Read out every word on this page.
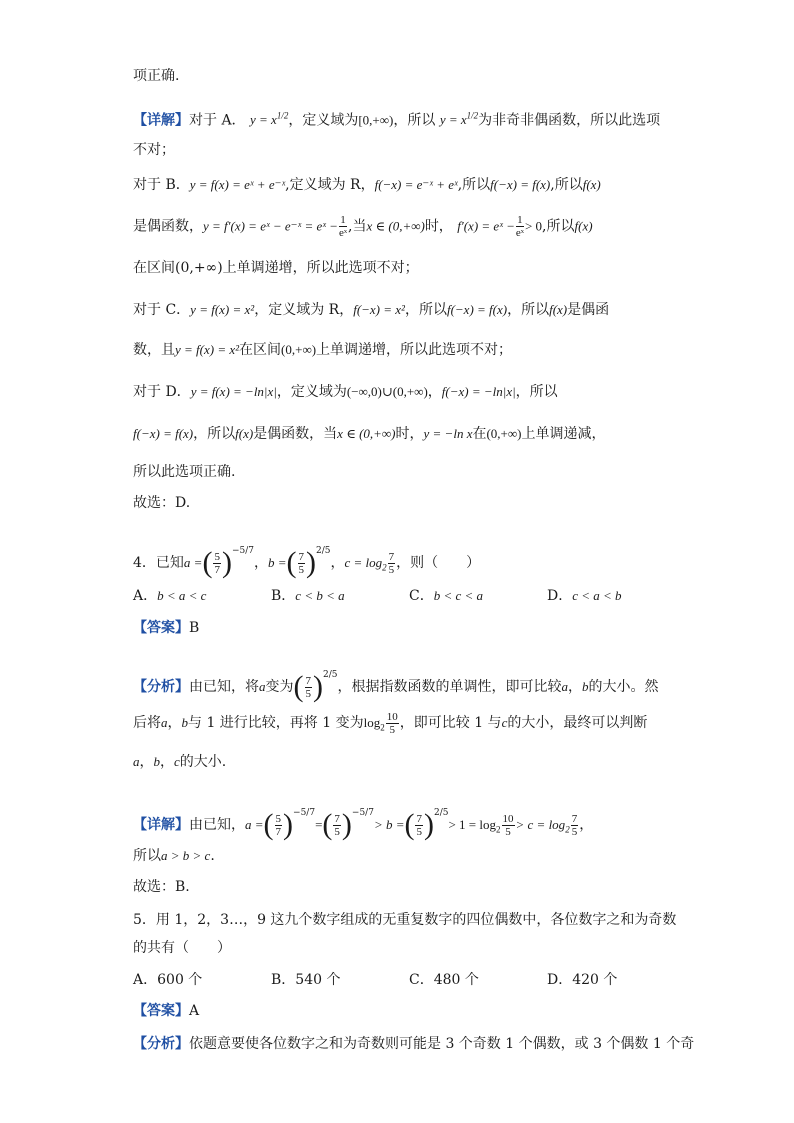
项正确.
【详解】对于 A． $y = x^{1/2}$，定义域为[0,+∞)，所以 $y = x^{1/2}$为非奇非偶函数，所以此选项
不对；
对于 B．y = f(x) = eˣ + e⁻ˣ,定义域为 R，f(−x) = e⁻ˣ + eˣ,所以f(−x) = f(x),所以f(x)
是偶函数，y = f′(x) = eˣ − e⁻ˣ = eˣ − $\frac{1}{\text{eˣ}}$ ,当x ∈ (0,+∞)时， f′(x) = eˣ − $\frac{1}{\text{eˣ}} > 0$,所以f(x)
在区间(0,+∞)上单调递增，所以此选项不对；
对于 C．y = f(x) = x²，定义域为 R，f(−x) = x²，所以f(−x) = f(x)，所以f(x)是偶函
数，且y = f(x) = x²在区间(0,+∞)上单调递增，所以此选项不对；
对于 D．y = f(x) = −ln|x|，定义域为(−∞,0)∪(0,+∞)，f(−x) = −ln|x|，所以
f(−x) = f(x)，所以f(x)是偶函数，当x ∈ (0,+∞)时，y = −ln x在(0,+∞)上单调递减，
所以此选项正确.
故选：D.
4．已知a =( $\frac{5}{7} )^{-5/7}$，b =( $\frac{7}{5} )^{2/5}$，$c = \log_2 \frac{7}{5}$ ，则（　　）
A．b < a < c	B．c < b < a	C．b < c < a	D．c < a < b
【答案】B
【分析】由已知，将a变为( $\frac{7}{5} )^{2/5}$，根据指数函数的单调性，即可比较a，b的大小。然
后将a，b与 1 进行比较，再将 1 变为$\log_2 \frac{10}{5}$ ，即可比较 1 与c的大小，最终可以判断
a，b，c的大小.
【详解】由已知，a =( $\frac{5}{7} )^{-5/7}=( \frac{7}{5} )^{-5/7}> b$ =( $\frac{7}{5} )^{2/5}> 1 = \log_2 \frac{10}{5} > c = \log_2 \frac{7}{5}$ ，
所以a > b > c.
故选：B.
5．用 1，2，3…，9 这九个数字组成的无重复数字的四位偶数中，各位数字之和为奇数
的共有（　　）
A．600 个	B．540 个	C．480 个	D．420 个
【答案】A
【分析】依题意要使各位数字之和为奇数则可能是 3 个奇数 1 个偶数，或 3 个偶数 1 个奇
